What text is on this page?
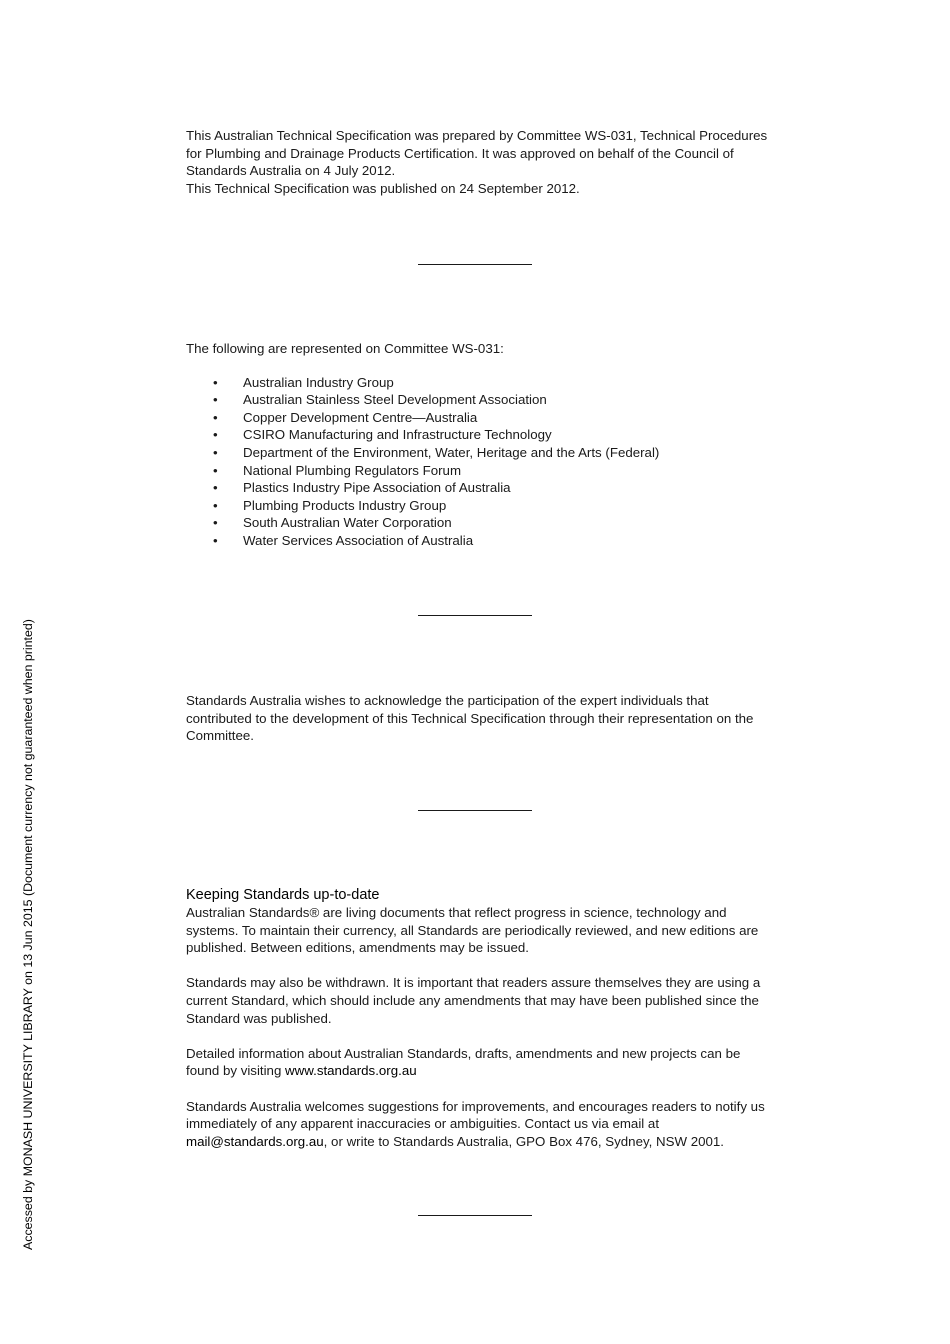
This Australian Technical Specification was prepared by Committee WS-031, Technical Procedures for Plumbing and Drainage Products Certification. It was approved on behalf of the Council of Standards Australia on 4 July 2012.

This Technical Specification was published on 24 September 2012.

The following are represented on Committee WS-031:

• Australian Industry Group
• Australian Stainless Steel Development Association
• Copper Development Centre—Australia
• CSIRO Manufacturing and Infrastructure Technology
• Department of the Environment, Water, Heritage and the Arts (Federal)
• National Plumbing Regulators Forum
• Plastics Industry Pipe Association of Australia
• Plumbing Products Industry Group
• South Australian Water Corporation
• Water Services Association of Australia

Standards Australia wishes to acknowledge the participation of the expert individuals that contributed to the development of this Technical Specification through their representation on the Committee.

Keeping Standards up-to-date

Australian Standards® are living documents that reflect progress in science, technology and systems. To maintain their currency, all Standards are periodically reviewed, and new editions are published. Between editions, amendments may be issued.

Standards may also be withdrawn. It is important that readers assure themselves they are using a current Standard, which should include any amendments that may have been published since the Standard was published.

Detailed information about Australian Standards, drafts, amendments and new projects can be found by visiting www.standards.org.au

Standards Australia welcomes suggestions for improvements, and encourages readers to notify us immediately of any apparent inaccuracies or ambiguities. Contact us via email at mail@standards.org.au, or write to Standards Australia, GPO Box 476, Sydney, NSW 2001.

Accessed by MONASH UNIVERSITY LIBRARY on 13 Jun 2015 (Document currency not guaranteed when printed)
